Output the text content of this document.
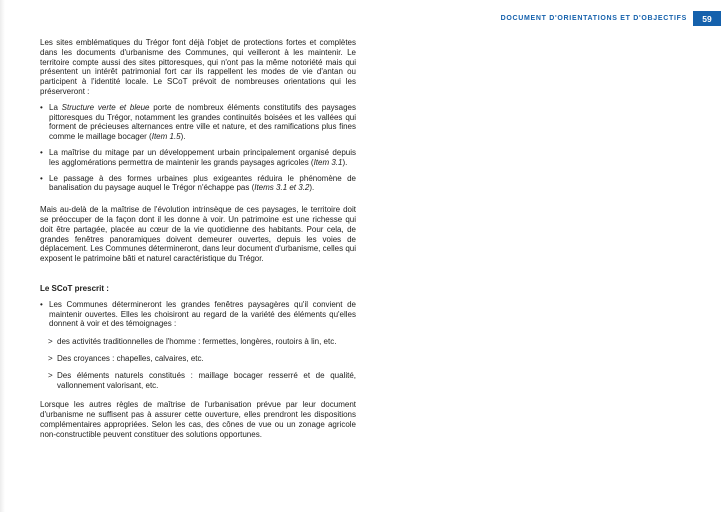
DOCUMENT D'ORIENTATIONS ET D'OBJECTIFS	59

Les sites emblématiques du Trégor font déjà l'objet de protections fortes et complètes dans les documents d'urbanisme des Communes, qui veilleront à les maintenir. Le territoire compte aussi des sites pittoresques, qui n'ont pas la même notoriété mais qui présentent un intérêt patrimonial fort car ils rappellent les modes de vie d'antan ou participent à l'identité locale. Le SCoT prévoit de nombreuses orientations qui les préserveront :

• La Structure verte et bleue porte de nombreux éléments constitutifs des paysages pittoresques du Trégor, notamment les grandes continuités boisées et les vallées qui forment de précieuses alternances entre ville et nature, et des ramifications plus fines comme le maillage bocager (Item 1.5).
• La maîtrise du mitage par un développement urbain principalement organisé depuis les agglomérations permettra de maintenir les grands paysages agricoles (Item 3.1).
• Le passage à des formes urbaines plus exigeantes réduira le phénomène de banalisation du paysage auquel le Trégor n'échappe pas (Items 3.1 et 3.2).

Mais au-delà de la maîtrise de l'évolution intrinsèque de ces paysages, le territoire doit se préoccuper de la façon dont il les donne à voir. Un patrimoine est une richesse qui doit être partagée, placée au cœur de la vie quotidienne des habitants. Pour cela, de grandes fenêtres panoramiques doivent demeurer ouvertes, depuis les voies de déplacement. Les Communes détermineront, dans leur document d'urbanisme, celles qui exposent le patrimoine bâti et naturel caractéristique du Trégor.

Le SCoT prescrit :

• Les Communes détermineront les grandes fenêtres paysagères qu'il convient de maintenir ouvertes. Elles les choisiront au regard de la variété des éléments qu'elles donnent à voir et des témoignages :
> des activités traditionnelles de l'homme : fermettes, longères, routoirs à lin, etc.
> Des croyances : chapelles, calvaires, etc.
> Des éléments naturels constitués : maillage bocager resserré et de qualité, vallonnement valorisant, etc.

Lorsque les autres règles de maîtrise de l'urbanisation prévue par leur document d'urbanisme ne suffisent pas à assurer cette ouverture, elles prendront les dispositions complémentaires appropriées. Selon les cas, des cônes de vue ou un zonage agricole non-constructible peuvent constituer des solutions opportunes.
